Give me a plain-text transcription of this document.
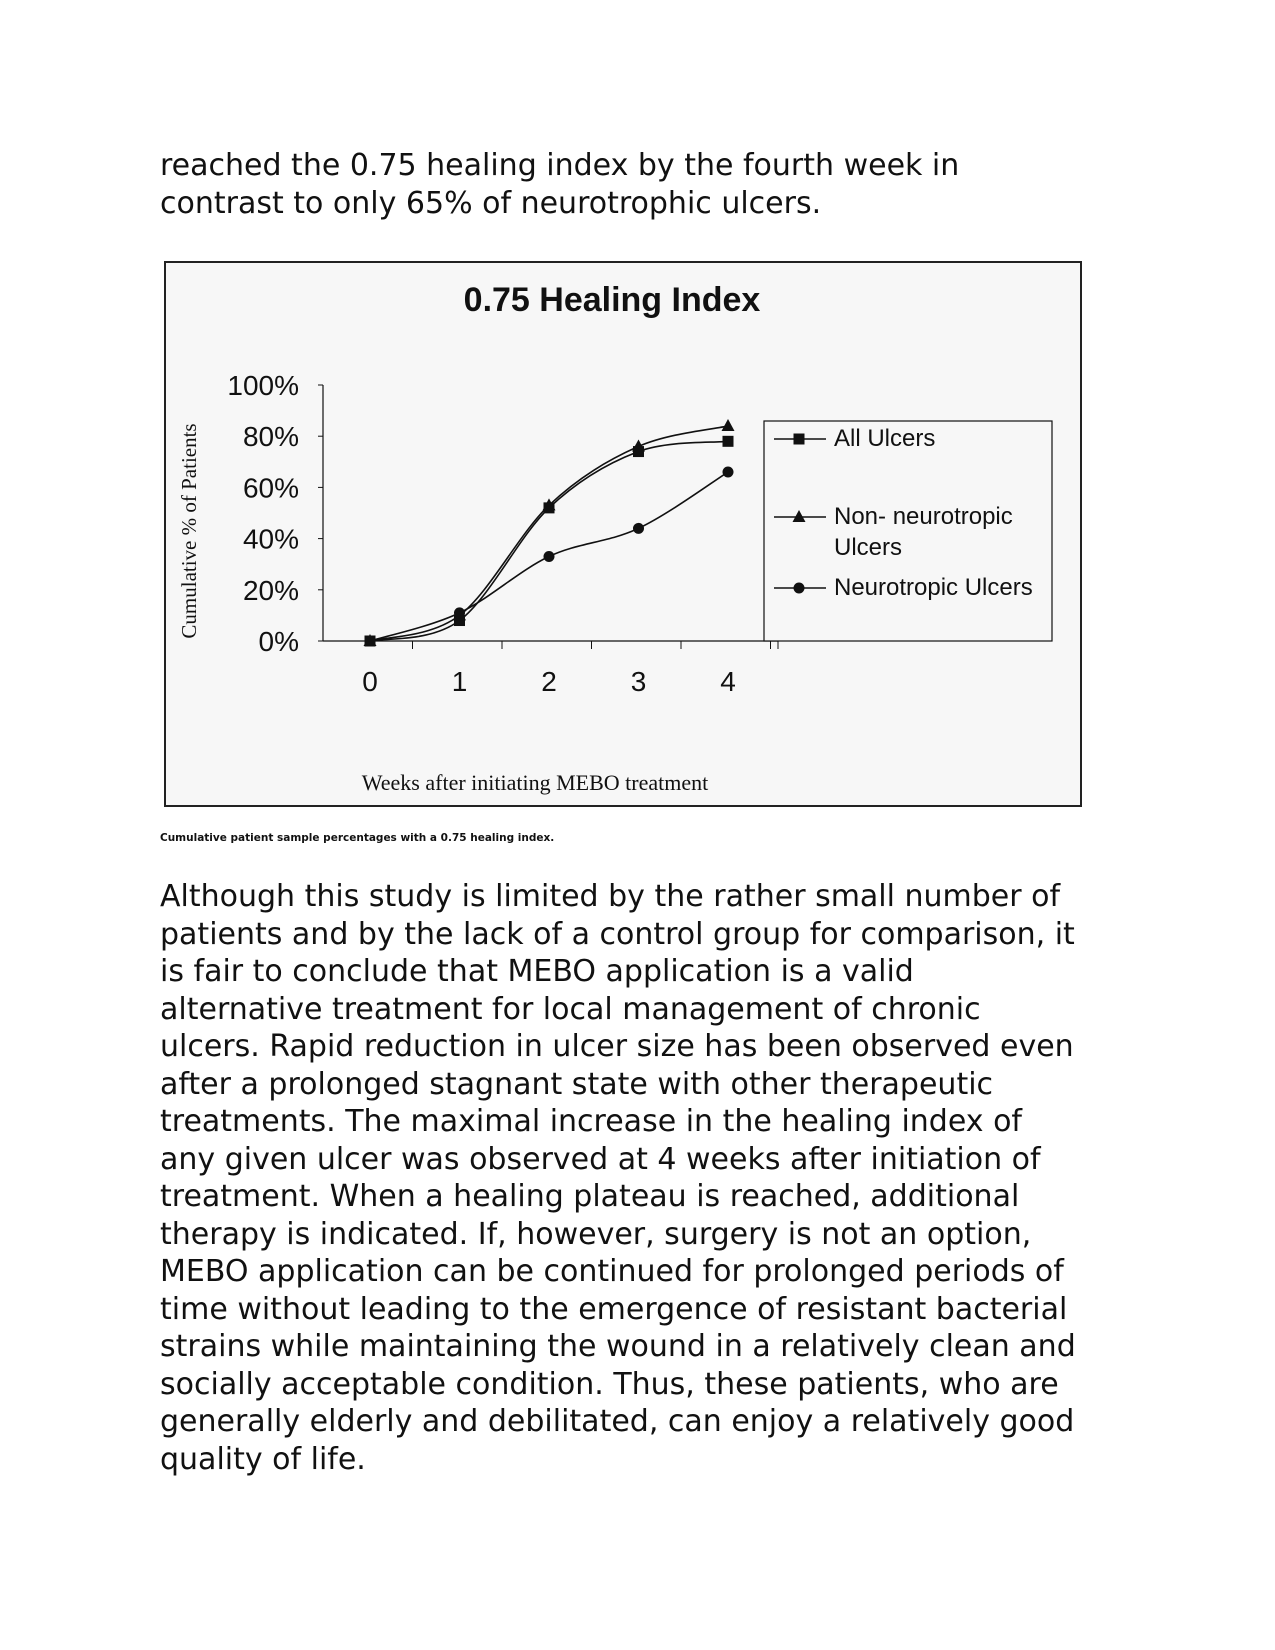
reached the 0.75 healing index by the fourth week in
contrast to only 65% of neurotrophic ulcers.

0.75 Healing Index
Cumulative % of Patients
Weeks after initiating MEBO treatment
0%
20%
40%
60%
80%
100%
0	1	2	3	4
All Ulcers
Non- neurotropic
Ulcers
Neurotropic Ulcers

Cumulative patient sample percentages with a 0.75 healing index.

Although this study is limited by the rather small number of
patients and by the lack of a control group for comparison, it
is fair to conclude that MEBO application is a valid
alternative treatment for local management of chronic
ulcers. Rapid reduction in ulcer size has been observed even
after a prolonged stagnant state with other therapeutic
treatments. The maximal increase in the healing index of
any given ulcer was observed at 4 weeks after initiation of
treatment. When a healing plateau is reached, additional
therapy is indicated. If, however, surgery is not an option,
MEBO application can be continued for prolonged periods of
time without leading to the emergence of resistant bacterial
strains while maintaining the wound in a relatively clean and
socially acceptable condition. Thus, these patients, who are
generally elderly and debilitated, can enjoy a relatively good
quality of life.
